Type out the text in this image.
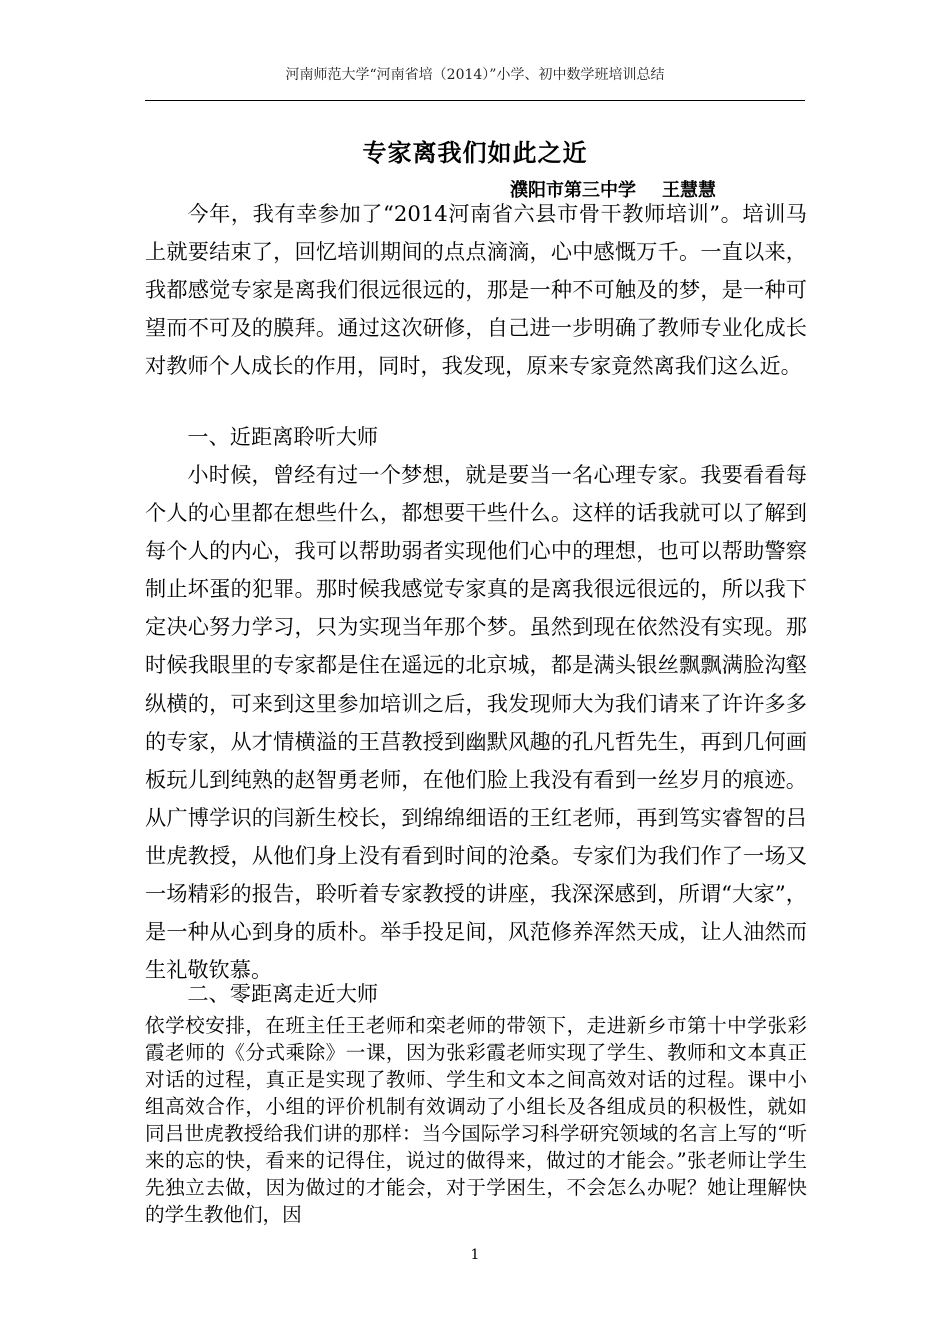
河南师范大学“河南省培（2014）”小学、初中数学班培训总结
专家离我们如此之近
濮阳市第三中学 王慧慧

今年，我有幸参加了“2014河南省六县市骨干教师培训”。培训马上就要结束了，回忆培训期间的点点滴滴，心中感慨万千。一直以来，我都感觉专家是离我们很远很远的，那是一种不可触及的梦，是一种可望而不可及的膜拜。通过这次研修，自己进一步明确了教师专业化成长对教师个人成长的作用，同时，我发现，原来专家竟然离我们这么近。

一、近距离聆听大师

小时候，曾经有过一个梦想，就是要当一名心理专家。我要看看每个人的心里都在想些什么，都想要干些什么。这样的话我就可以了解到每个人的内心，我可以帮助弱者实现他们心中的理想，也可以帮助警察制止坏蛋的犯罪。那时候我感觉专家真的是离我很远很远的，所以我下定决心努力学习，只为实现当年那个梦。虽然到现在依然没有实现。那时候我眼里的专家都是住在遥远的北京城，都是满头银丝飘飘满脸沟壑纵横的，可来到这里参加培训之后，我发现师大为我们请来了许许多多的专家，从才情横溢的王莒教授到幽默风趣的孔凡哲先生，再到几何画板玩儿到纯熟的赵智勇老师，在他们脸上我没有看到一丝岁月的痕迹。从广博学识的闫新生校长，到绵绵细语的王红老师，再到笃实睿智的吕世虎教授，从他们身上没有看到时间的沧桑。专家们为我们作了一场又一场精彩的报告，聆听着专家教授的讲座，我深深感到，所谓“大家”，是一种从心到身的质朴。举手投足间，风范修养浑然天成，让人油然而生礼敬钦慕。

二、零距离走近大师

依学校安排，在班主任王老师和栾老师的带领下，走进新乡市第十中学张彩霞老师的《分式乘除》一课，因为张彩霞老师实现了学生、教师和文本真正对话的过程，真正是实现了教师、学生和文本之间高效对话的过程。课中小组高效合作，小组的评价机制有效调动了小组长及各组成员的积极性，就如同吕世虎教授给我们讲的那样：当今国际学习科学研究领域的名言上写的“听来的忘的快，看来的记得住，说过的做得来，做过的才能会。”张老师让学生先独立去做，因为做过的才能会，对于学困生，不会怎么办呢？她让理解快的学生教他们，因

1
